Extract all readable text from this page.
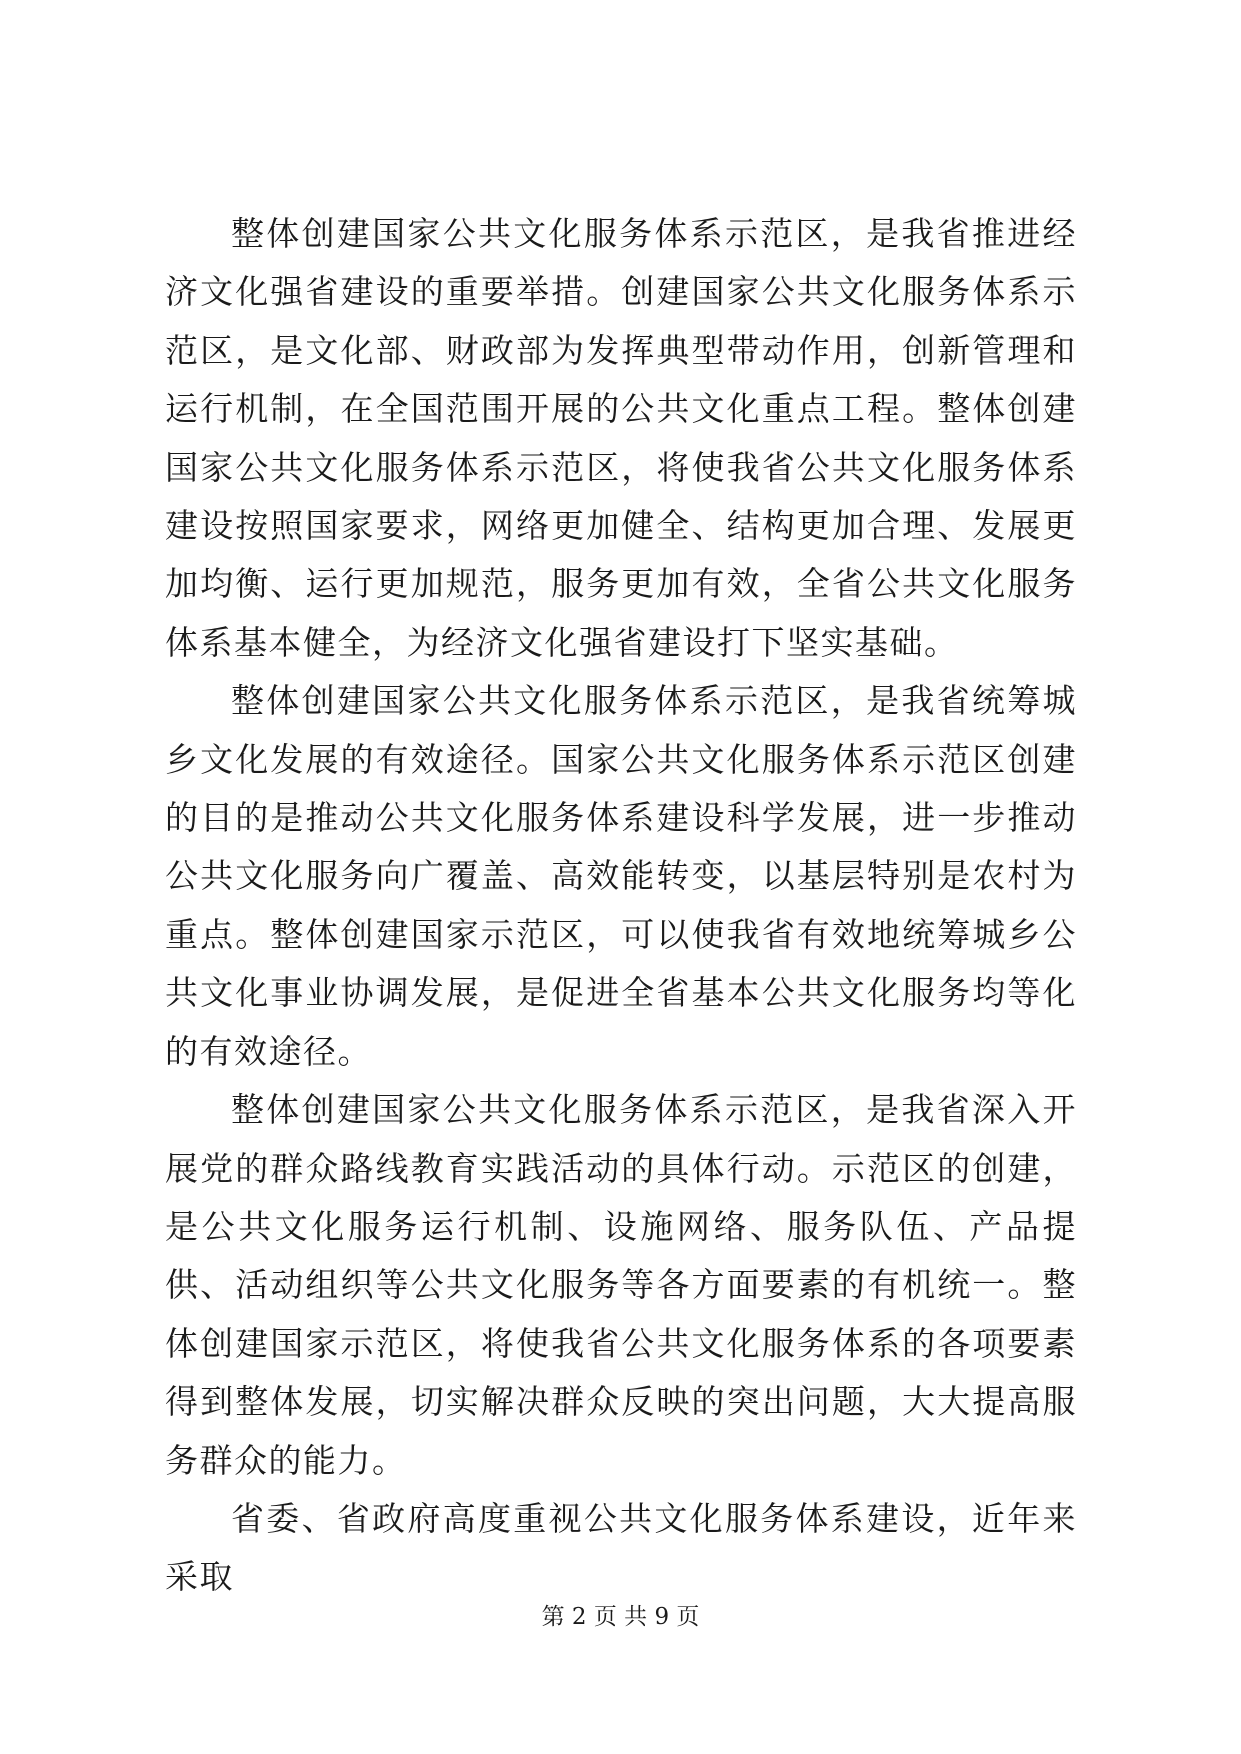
整体创建国家公共文化服务体系示范区，是我省推进经济文化强省建设的重要举措。创建国家公共文化服务体系示范区，是文化部、财政部为发挥典型带动作用，创新管理和运行机制，在全国范围开展的公共文化重点工程。整体创建国家公共文化服务体系示范区，将使我省公共文化服务体系建设按照国家要求，网络更加健全、结构更加合理、发展更加均衡、运行更加规范，服务更加有效，全省公共文化服务体系基本健全，为经济文化强省建设打下坚实基础。

整体创建国家公共文化服务体系示范区，是我省统筹城乡文化发展的有效途径。国家公共文化服务体系示范区创建的目的是推动公共文化服务体系建设科学发展，进一步推动公共文化服务向广覆盖、高效能转变，以基层特别是农村为重点。整体创建国家示范区，可以使我省有效地统筹城乡公共文化事业协调发展，是促进全省基本公共文化服务均等化的有效途径。

整体创建国家公共文化服务体系示范区，是我省深入开展党的群众路线教育实践活动的具体行动。示范区的创建，是公共文化服务运行机制、设施网络、服务队伍、产品提供、活动组织等公共文化服务等各方面要素的有机统一。整体创建国家示范区，将使我省公共文化服务体系的各项要素得到整体发展，切实解决群众反映的突出问题，大大提高服务群众的能力。

省委、省政府高度重视公共文化服务体系建设，近年来采取

第 2 页 共 9 页
